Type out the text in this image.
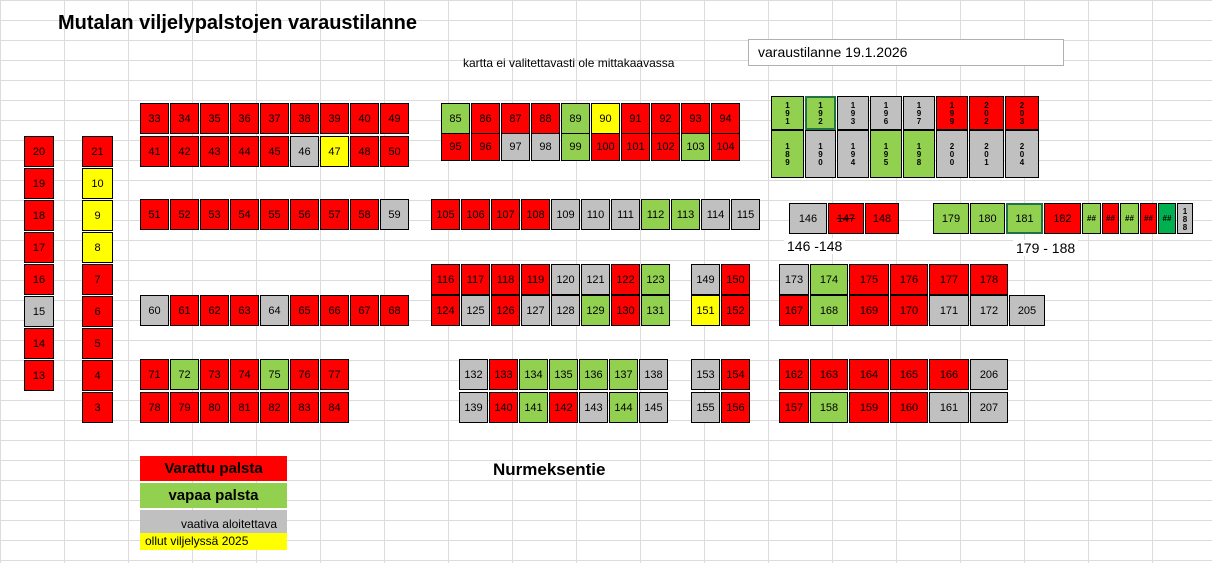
Mutalan viljelypalstojen varaustilanne
kartta ei valitettavasti ole mittakaavassa
varaustilanne 19.1.2026
Nurmeksentie
146 -148	179 - 188
Varattu palsta
vapaa palsta
vaativa aloitettava
ollut viljelyssä 2025
20
19
18
17
16
15
14
13
21
10
9
8
7
6
5
4
3
33 34 35 36 37 38 39 40 49
41 42 43 44 45 46 47 48 50
51 52 53 54 55 56 57 58 59
60 61 62 63 64 65 66 67 68
71 72 73 74 75 76 77
78 79 80 81 82 83 84
85 86 87 88 89 90 91 92 93 94
95 96 97 98 99 100 101 102 103 104
105 106 107 108 109 110 111 112 113 114 115
116 117 118 119 120 121 122 123
124 125 126 127 128 129 130 131
132 133 134 135 136 137 138
139 140 141 142 143 144 145
149 150
151 152
153 154
155 156
173 174 175 176 177 178
167 168 169 170 171 172 205
162 163 164 165 166 206
157 158 159 160 161 207
146 147 148	179 180 181 182 ## ## ## ## ## 188
191	192	193	196	197	199	202	203
189	190	194	195	198	200	201	204
